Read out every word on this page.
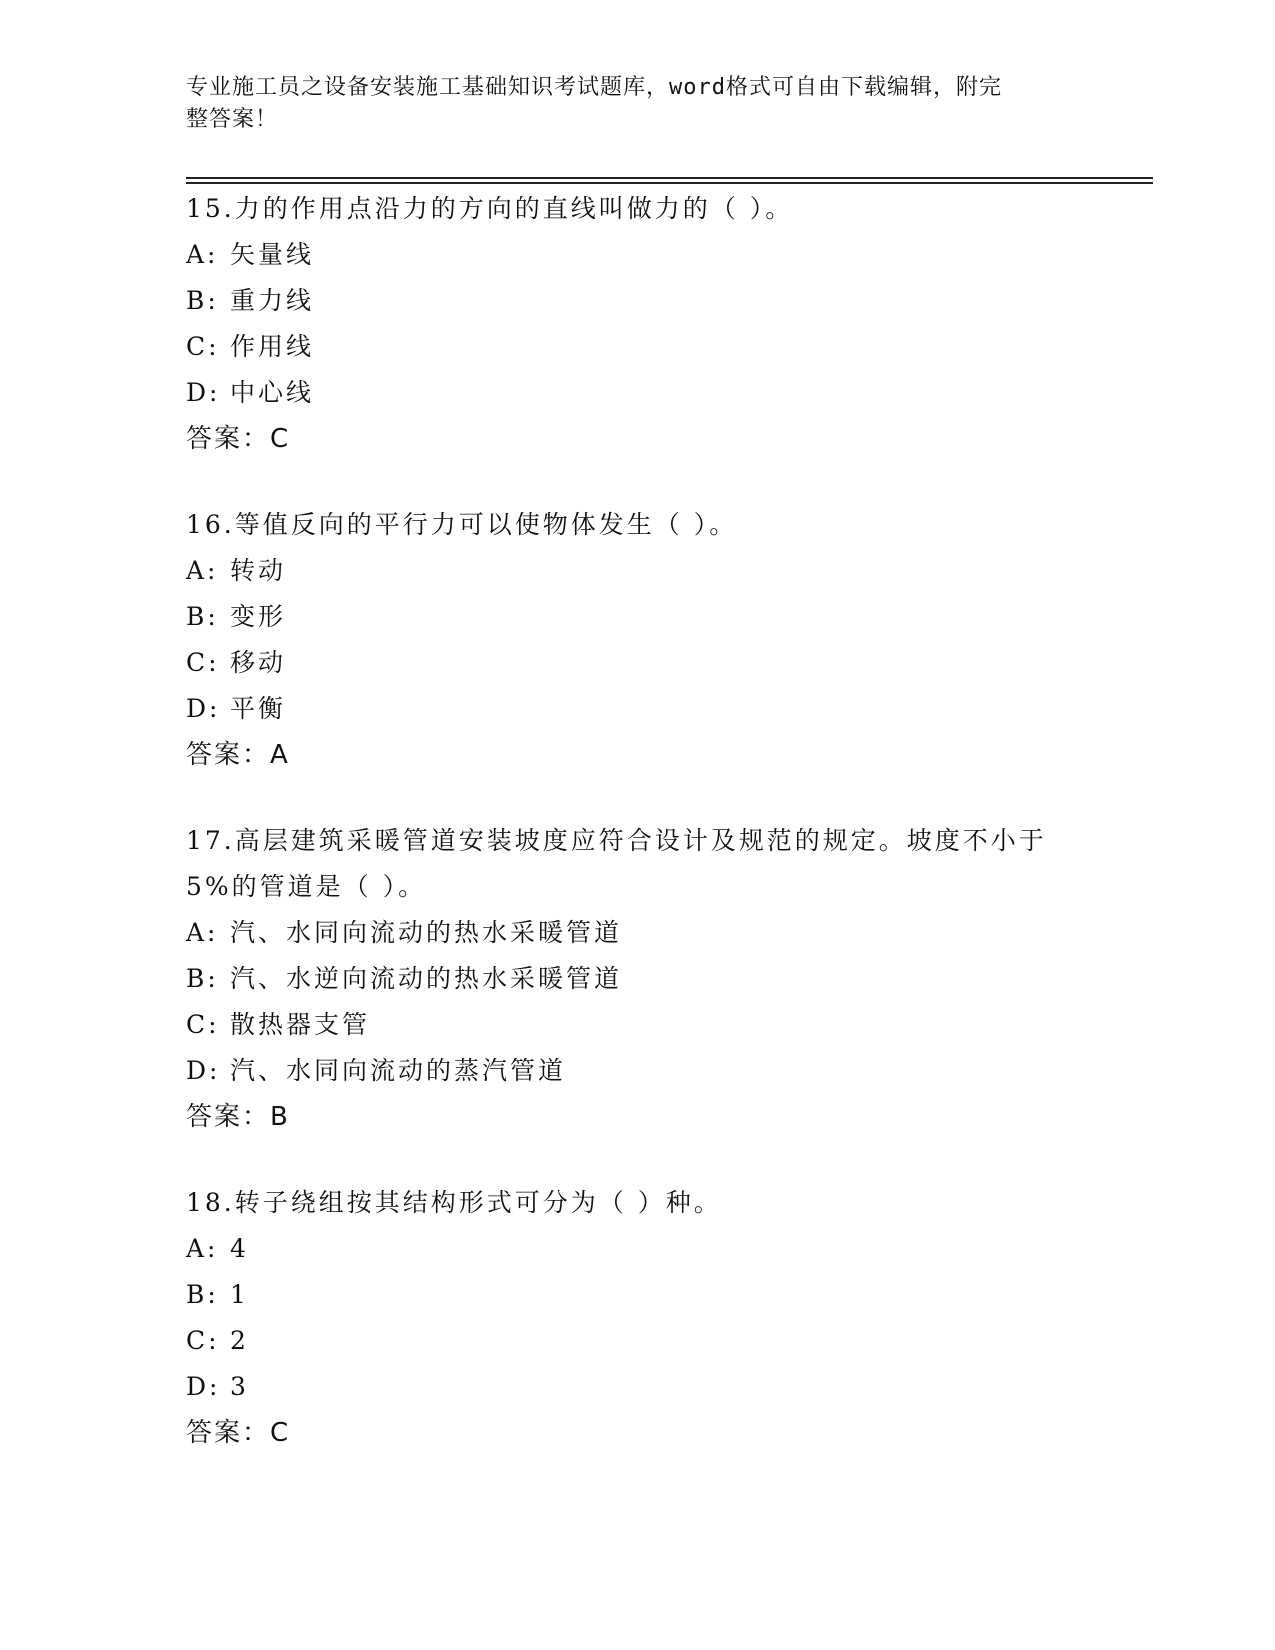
专业施工员之设备安装施工基础知识考试题库，word格式可自由下载编辑，附完
整答案！

15.力的作用点沿力的方向的直线叫做力的（ ）。

A: 矢量线

B: 重力线

C: 作用线

D: 中心线

答案：C

16.等值反向的平行力可以使物体发生（ ）。

A: 转动

B: 变形

C: 移动

D: 平衡

答案：A

17.高层建筑采暖管道安装坡度应符合设计及规范的规定。坡度不小于

5%的管道是（ ）。

A: 汽、水同向流动的热水采暖管道

B: 汽、水逆向流动的热水采暖管道

C: 散热器支管

D: 汽、水同向流动的蒸汽管道

答案：B

18.转子绕组按其结构形式可分为（ ）种。

A: 4

B: 1

C: 2

D: 3

答案：C
